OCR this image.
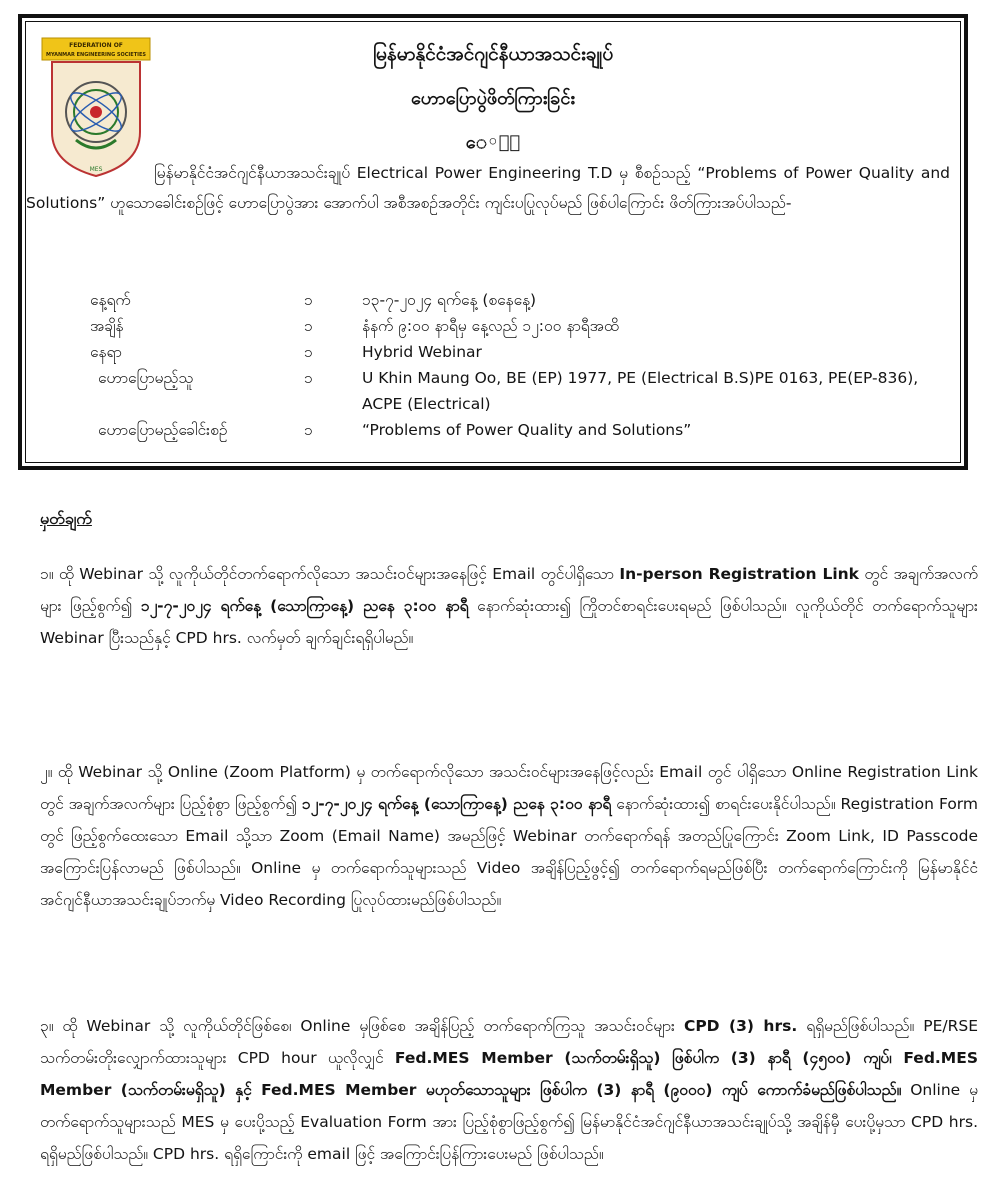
FEDERATION OF
MYANMAR ENGINEERING SOCIETIES
MES
မြန်မာနိုင်ငံအင်ဂျင်နီယာအသင်းချုပ်
ဟောပြောပွဲဖိတ်ကြားခြင်း
ေ◦ႊေ
မြန်မာနိုင်ငံအင်ဂျင်နီယာအသင်းချုပ် Electrical Power Engineering T.D မှ စီစဉ်သည့် “Problems of Power Quality and Solutions” ဟူသောခေါင်းစဉ်ဖြင့် ဟောပြောပွဲအား အောက်ပါ အစီအစဉ်အတိုင်း ကျင်းပပြုလုပ်မည် ဖြစ်ပါကြောင်း ဖိတ်ကြားအပ်ပါသည်-
နေ့ရက်	၁	၁၃-၇-၂၀၂၄ ရက်နေ့ (စနေနေ့)
အချိန်	၁	နံနက် ၉:၀၀ နာရီမှ နေ့လည် ၁၂:၀၀ နာရီအထိ
နေရာ	၁	Hybrid Webinar
ဟောပြောမည့်သူ	၁	U Khin Maung Oo, BE (EP) 1977, PE (Electrical B.S)PE 0163, PE(EP-836), ACPE (Electrical)
ဟောပြောမည့်ခေါင်းစဉ်	၁	“Problems of Power Quality and Solutions”
မှတ်ချက်

၁။ ထို Webinar သို့ လူကိုယ်တိုင်တက်ရောက်လိုသော အသင်းဝင်များအနေဖြင့် Email တွင်ပါရှိသော In-person Registration Link တွင် အချက်အလက်များ ဖြည့်စွက်၍ ၁၂-၇-၂၀၂၄ ရက်နေ့ (သောကြာနေ့) ညနေ ၃:၀၀ နာရီ နောက်ဆုံးထား၍ ကြိုတင်စာရင်းပေးရမည် ဖြစ်ပါသည်။ လူကိုယ်တိုင် တက်ရောက်သူများ Webinar ပြီးသည်နှင့် CPD hrs. လက်မှတ် ချက်ချင်းရရှိပါမည်။

၂။ ထို Webinar သို့ Online (Zoom Platform) မှ တက်ရောက်လိုသော အသင်းဝင်များအနေဖြင့်လည်း Email တွင် ပါရှိသော Online Registration Link တွင် အချက်အလက်များ ပြည့်စုံစွာ ဖြည့်စွက်၍ ၁၂-၇-၂၀၂၄ ရက်နေ့ (သောကြာနေ့) ညနေ ၃:၀၀ နာရီ နောက်ဆုံးထား၍ စာရင်းပေးနိုင်ပါသည်။ Registration Form တွင် ဖြည့်စွက်ထေးသော Email သို့သာ Zoom (Email Name) အမည်ဖြင့် Webinar တက်ရောက်ရန် အတည်ပြုကြောင်း Zoom Link, ID Passcode အကြောင်းပြန်လာမည် ဖြစ်ပါသည်။ Online မှ တက်ရောက်သူများသည် Video အချိန်ပြည့်ဖွင့်၍ တက်ရောက်ရမည်ဖြစ်ပြီး တက်ရောက်ကြောင်းကို မြန်မာနိုင်ငံအင်ဂျင်နီယာအသင်းချုပ်ဘက်မှ Video Recording ပြုလုပ်ထားမည်ဖြစ်ပါသည်။

၃။ ထို Webinar သို့ လူကိုယ်တိုင်ဖြစ်စေ၊ Online မှဖြစ်စေ အချိန်ပြည့် တက်ရောက်ကြသူ အသင်းဝင်များ CPD (3) hrs. ရရှိမည်ဖြစ်ပါသည်။ PE/RSE သက်တမ်းတိုးလျှောက်ထားသူများ CPD hour ယူလိုလျှင် Fed.MES Member (သက်တမ်းရှိသူ) ဖြစ်ပါက (3) နာရီ (၄၅၀၀) ကျပ်၊ Fed.MES Member (သက်တမ်းမရှိသူ) နှင့် Fed.MES Member မဟုတ်သောသူများ ဖြစ်ပါက (3) နာရီ (၉၀၀၀) ကျပ် ကောက်ခံမည်ဖြစ်ပါသည်။ Online မှ တက်ရောက်သူများသည် MES မှ ပေးပို့သည့် Evaluation Form အား ပြည့်စုံစွာဖြည့်စွက်၍ မြန်မာနိုင်ငံအင်ဂျင်နီယာအသင်းချုပ်သို့ အချိန်မှီ ပေးပို့မှသာ CPD hrs. ရရှိမည်ဖြစ်ပါသည်။ CPD hrs. ရရှိကြောင်းကို email ဖြင့် အကြောင်းပြန်ကြားပေးမည် ဖြစ်ပါသည်။
